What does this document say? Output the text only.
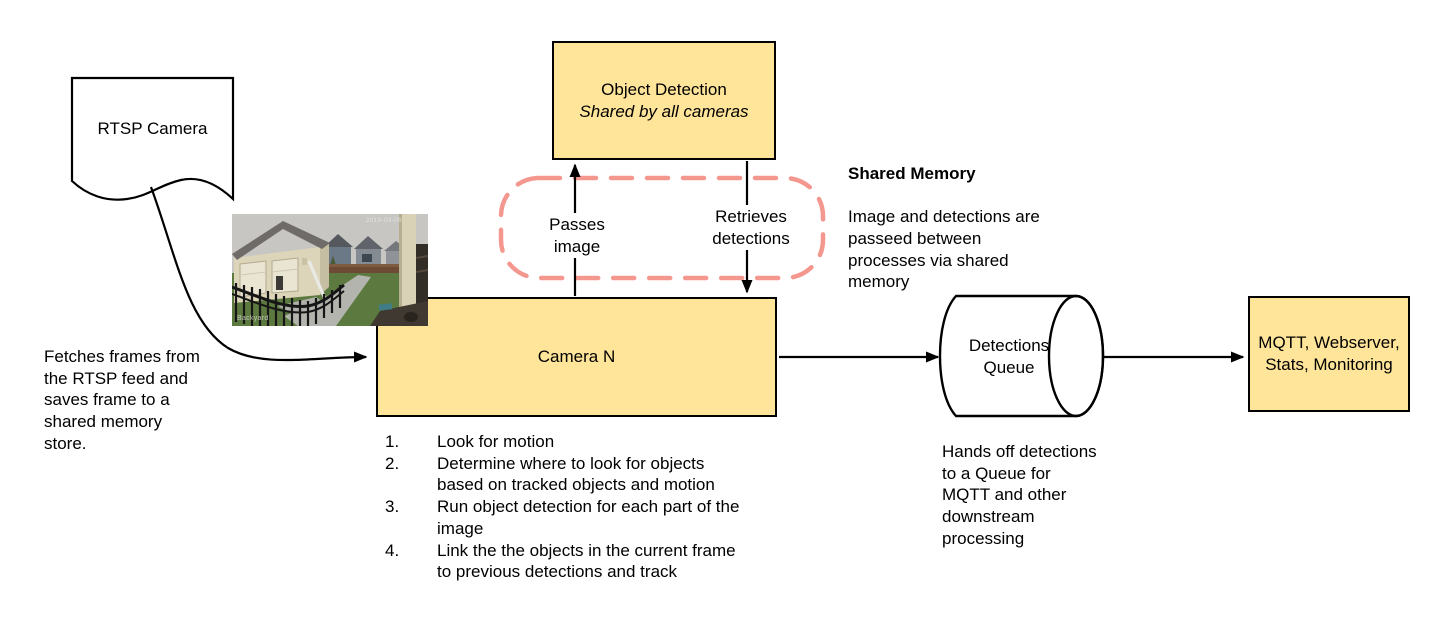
Object Detection
Shared by all cameras
Camera N
MQTT, Webserver,
Stats, Monitoring
RTSP Camera
Detections
Queue
Passes
image
Retrieves
detections
Fetches frames from
the RTSP feed and
saves frame to a
shared memory
store.

Shared Memory

Image and detections are
passeed between
processes via shared
memory

Hands off detections
to a Queue for
MQTT and other
downstream
processing
1.	Look for motion
2.	Determine where to look for objects
based on tracked objects and motion
3.	Run object detection for each part of the
image
4.	Link the the objects in the current frame
to previous detections and track
Backyard
2019-03-06
